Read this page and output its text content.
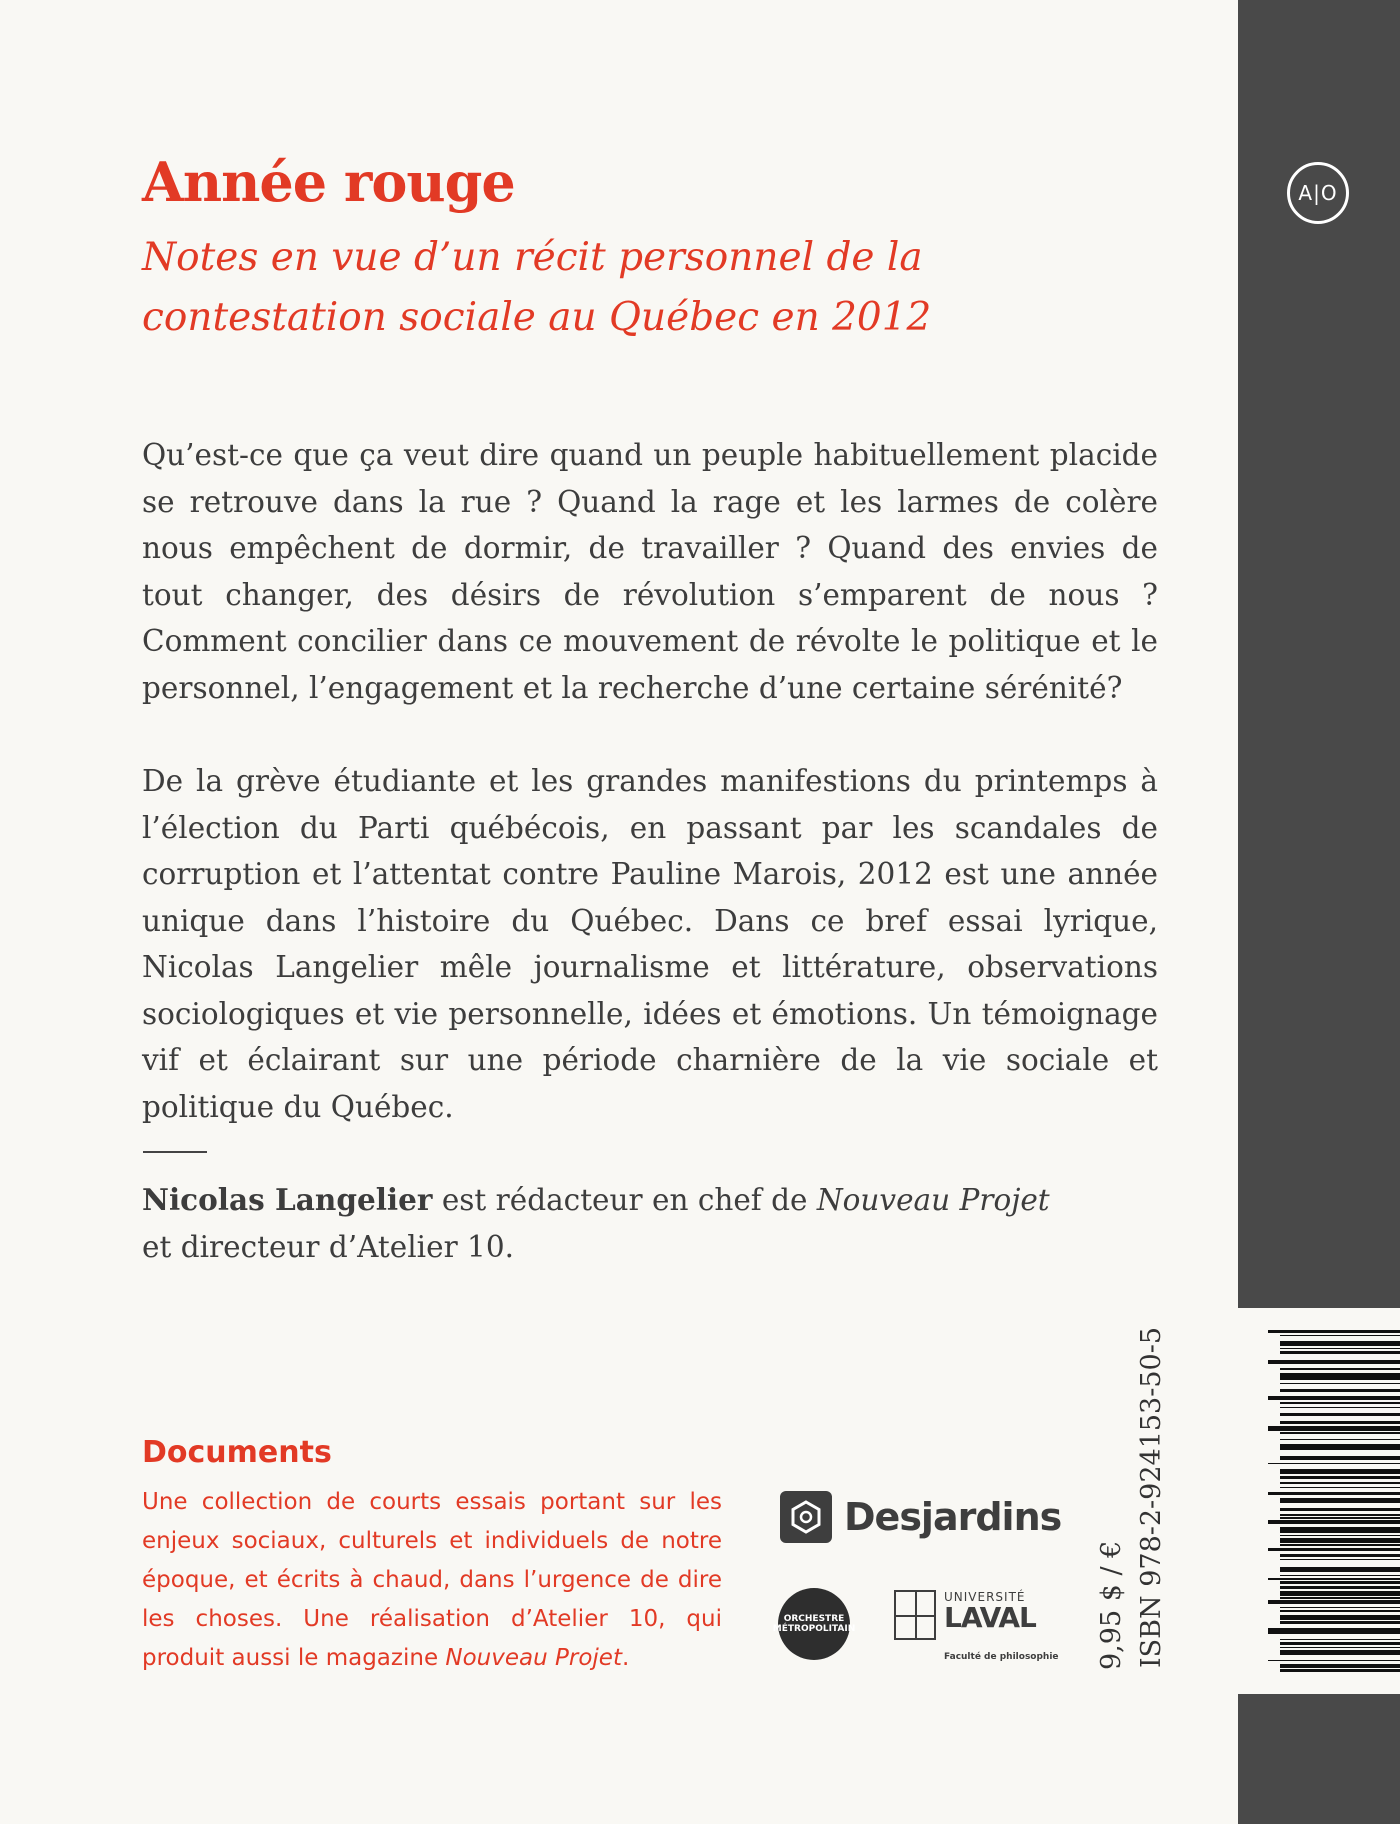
A|O
9,95 $ / € ISBN 978-2-924153-50-5
Année rouge

Notes en vue d’un récit personnel de la contestation sociale au Québec en 2012

Qu’est-ce que ça veut dire quand un peuple habituellement placide se retrouve dans la rue ? Quand la rage et les larmes de colère nous empêchent de dormir, de travailler ? Quand des envies de tout changer, des désirs de révolution s’emparent de nous ? Comment concilier dans ce mouvement de révolte le politique et le personnel, l’engagement et la recherche d’une certaine sérénité?

De la grève étudiante et les grandes manifestions du printemps à l’élection du Parti québécois, en passant par les scandales de corruption et l’attentat contre Pauline Marois, 2012 est une année unique dans l’histoire du Québec. Dans ce bref essai lyrique, Nicolas Langelier mêle journalisme et littérature, observations sociologiques et vie personnelle, idées et émotions. Un témoignage vif et éclairant sur une période charnière de la vie sociale et politique du Québec.

Nicolas Langelier est rédacteur en chef de Nouveau Projet
et directeur d’Atelier 10.

Documents

Une collection de courts essais portant sur les enjeux sociaux, culturels et individuels de notre époque, et écrits à chaud, dans l’urgence de dire les choses. Une réalisation d’Atelier 10, qui produit aussi le magazine Nouveau Projet.

Desjardins
ORCHESTRE
MÉTROPOLITAIN
UNIVERSITÉ
LAVAL
Faculté de philosophie
